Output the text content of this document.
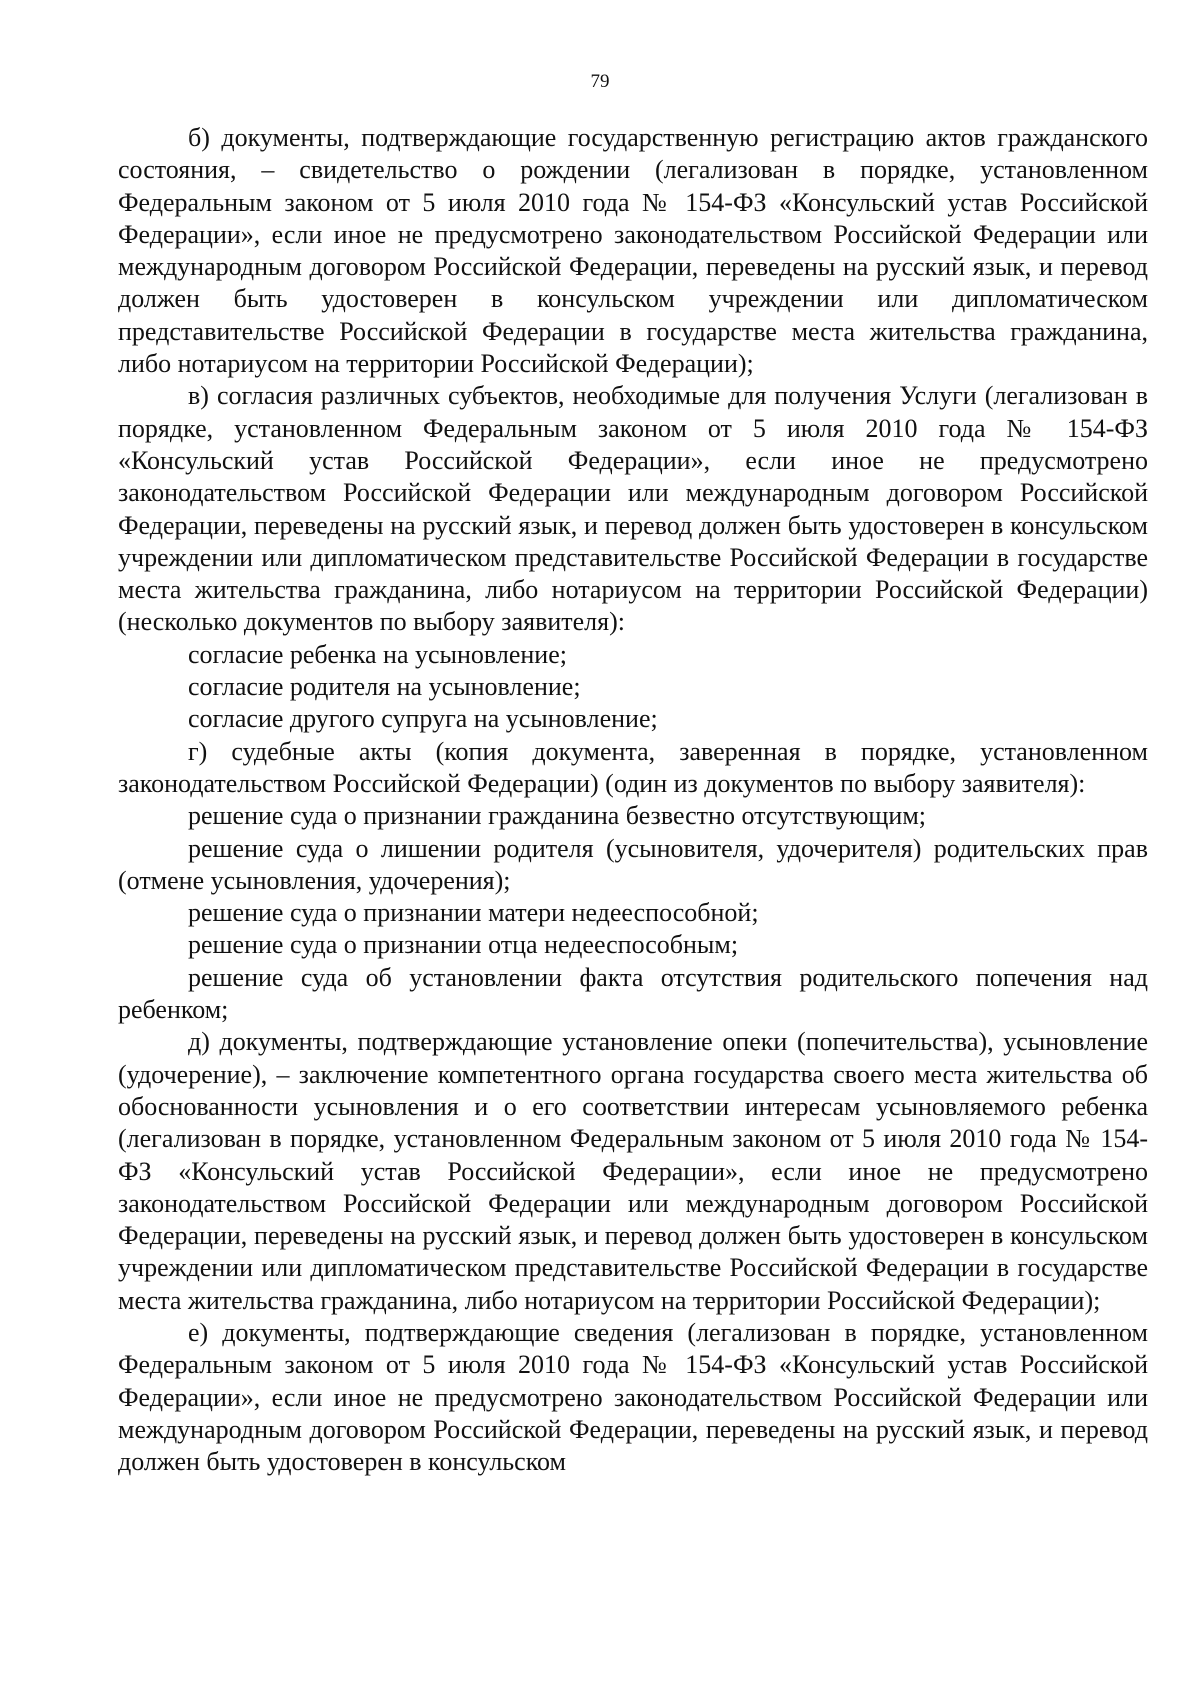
79

б) документы, подтверждающие государственную регистрацию актов гражданского состояния, – свидетельство о рождении (легализован в порядке, установленном Федеральным законом от 5 июля 2010 года № 154-ФЗ «Консульский устав Российской Федерации», если иное не предусмотрено законодательством Российской Федерации или международным договором Российской Федерации, переведены на русский язык, и перевод должен быть удостоверен в консульском учреждении или дипломатическом представительстве Российской Федерации в государстве места жительства гражданина, либо нотариусом на территории Российской Федерации);

в) согласия различных субъектов, необходимые для получения Услуги (легализован в порядке, установленном Федеральным законом от 5 июля 2010 года № 154-ФЗ «Консульский устав Российской Федерации», если иное не предусмотрено законодательством Российской Федерации или международным договором Российской Федерации, переведены на русский язык, и перевод должен быть удостоверен в консульском учреждении или дипломатическом представительстве Российской Федерации в государстве места жительства гражданина, либо нотариусом на территории Российской Федерации) (несколько документов по выбору заявителя):

согласие ребенка на усыновление;

согласие родителя на усыновление;

согласие другого супруга на усыновление;

г) судебные акты (копия документа, заверенная в порядке, установленном законодательством Российской Федерации) (один из документов по выбору заявителя):

решение суда о признании гражданина безвестно отсутствующим;

решение суда о лишении родителя (усыновителя, удочерителя) родительских прав (отмене усыновления, удочерения);

решение суда о признании матери недееспособной;

решение суда о признании отца недееспособным;

решение суда об установлении факта отсутствия родительского попечения над ребенком;

д) документы, подтверждающие установление опеки (попечительства), усыновление (удочерение), – заключение компетентного органа государства своего места жительства об обоснованности усыновления и о его соответствии интересам усыновляемого ребенка (легализован в порядке, установленном Федеральным законом от 5 июля 2010 года № 154-ФЗ «Консульский устав Российской Федерации», если иное не предусмотрено законодательством Российской Федерации или международным договором Российской Федерации, переведены на русский язык, и перевод должен быть удостоверен в консульском учреждении или дипломатическом представительстве Российской Федерации в государстве места жительства гражданина, либо нотариусом на территории Российской Федерации);

е) документы, подтверждающие сведения (легализован в порядке, установленном Федеральным законом от 5 июля 2010 года № 154-ФЗ «Консульский устав Российской Федерации», если иное не предусмотрено законодательством Российской Федерации или международным договором Российской Федерации, переведены на русский язык, и перевод должен быть удостоверен в консульском
